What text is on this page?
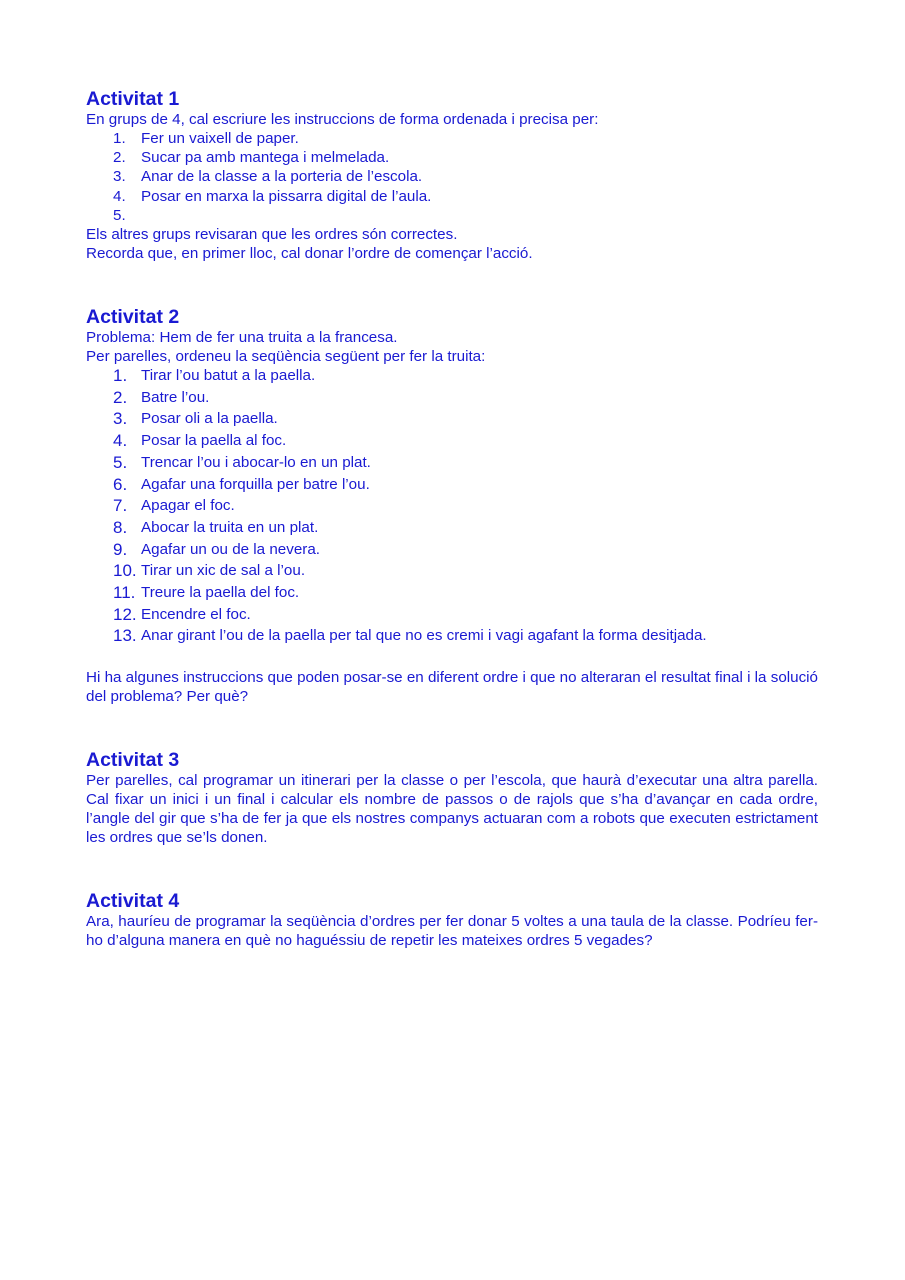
Activitat 1

En grups de 4, cal escriure les instruccions de forma ordenada i precisa per:

1.	Fer un vaixell de paper.
2.	Sucar pa amb mantega i melmelada.
3.	Anar de la classe a la porteria de l’escola.
4.	Posar en marxa la pissarra digital de l’aula.
5.

Els altres grups revisaran que les ordres són correctes.

Recorda que, en primer lloc, cal donar l’ordre de començar l’acció.

Activitat 2

Problema: Hem de fer una truita a la francesa.

Per parelles, ordeneu la seqüència següent per fer la truita:

1. Tirar l’ou batut a la paella.
2. Batre l’ou.
3. Posar oli a la paella.
4. Posar la paella al foc.
5. Trencar l’ou i abocar-lo en un plat.
6. Agafar una forquilla per batre l’ou.
7. Apagar el foc.
8. Abocar la truita en un plat.
9. Agafar un ou de la nevera.
10. Tirar un xic de sal a l’ou.
11. Treure la paella del foc.
12. Encendre el foc.
13. Anar girant l’ou de la paella per tal que no es cremi i vagi agafant la forma desitjada.

Hi ha algunes instruccions que poden posar-se en diferent ordre i que no alteraran el resultat final i la solució del problema? Per què?

Activitat 3

Per parelles, cal programar un itinerari per la classe o per l’escola, que haurà d’executar una altra parella. Cal fixar un inici i un final i calcular els nombre de passos o de rajols que s’ha d’avançar en cada ordre, l’angle del gir que s’ha de fer ja que els nostres companys actuaran com a robots que executen estrictament les ordres que se’ls donen.

Activitat 4

Ara, hauríeu de programar la seqüència d’ordres per fer donar 5 voltes a una taula de la classe. Podríeu fer-ho d’alguna manera en què no haguéssiu de repetir les mateixes ordres 5 vegades?
